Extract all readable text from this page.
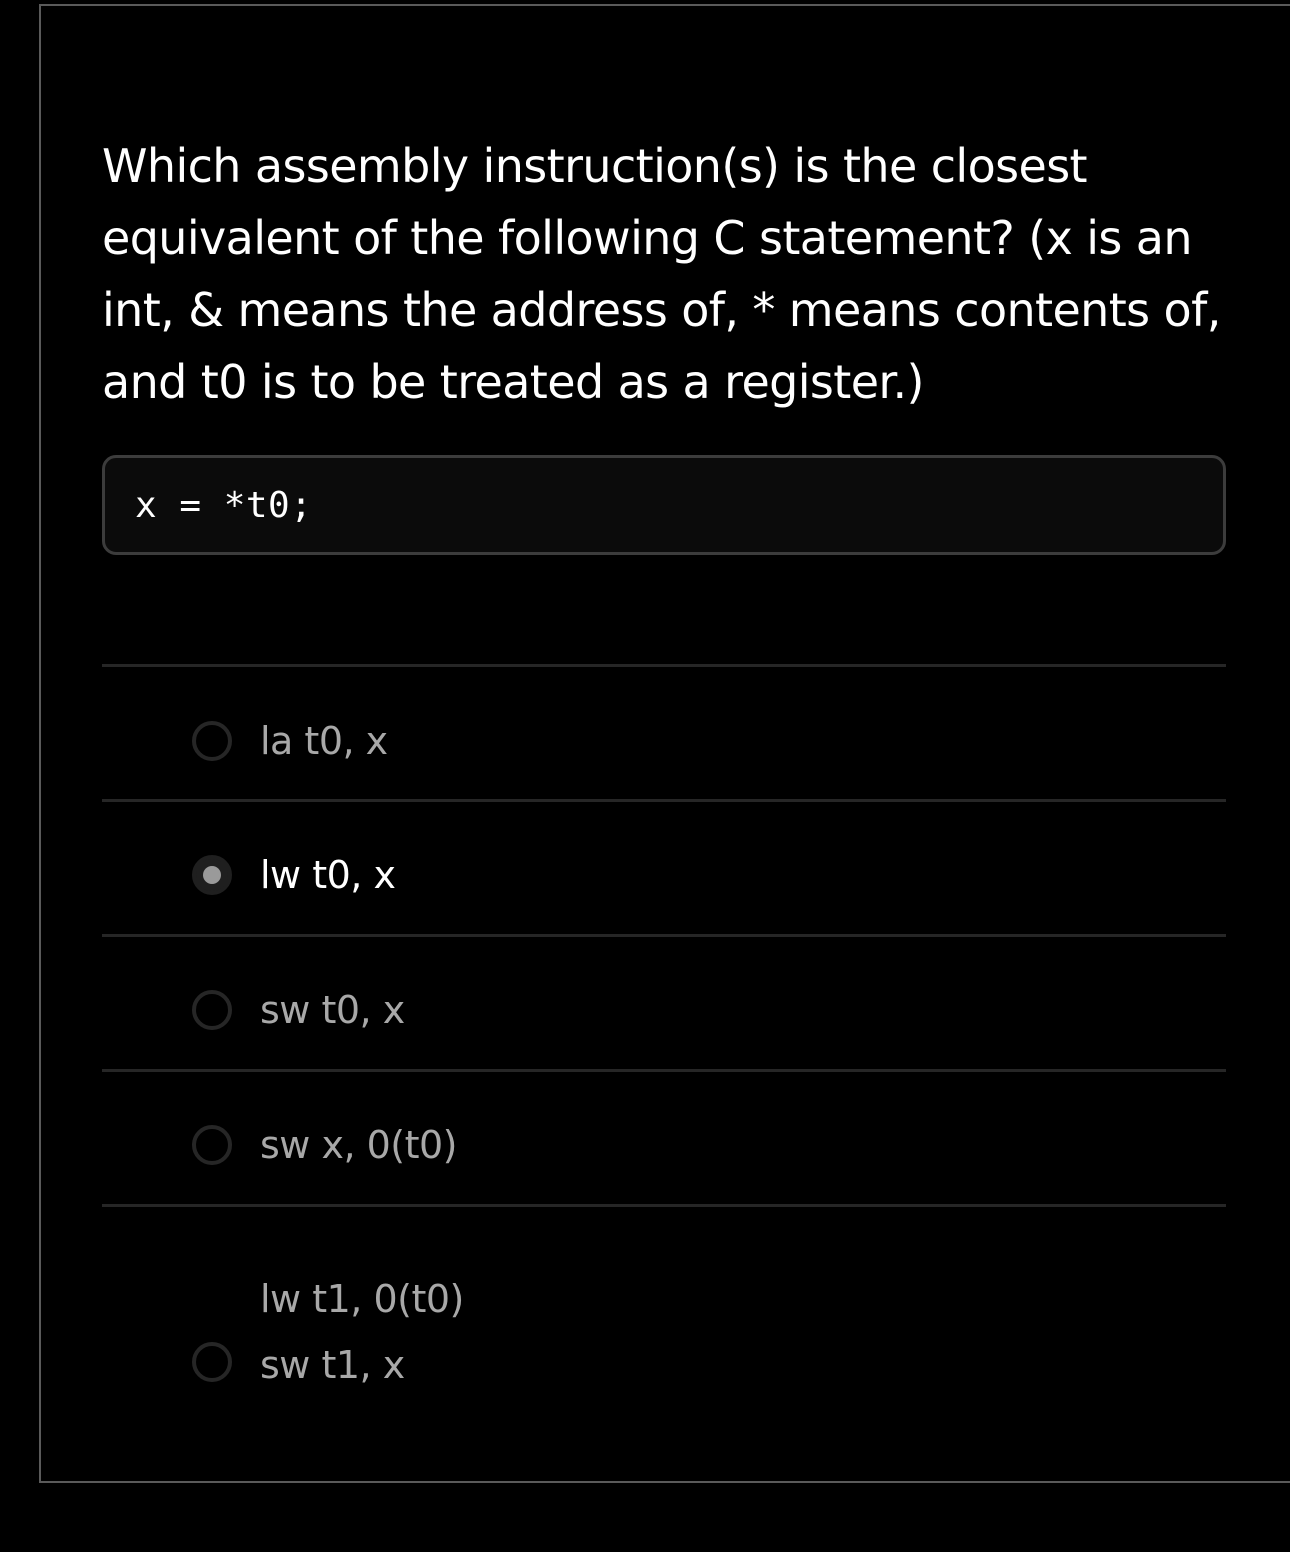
Which assembly instruction(s) is the closest equivalent of the following C statement? (x is an int, & means the address of, * means contents of, and t0 is to be treated as a register.)

x = *t0;
la t0, x
lw t0, x
sw t0, x
sw x, 0(t0)
lw t1, 0(t0)
sw t1, x
